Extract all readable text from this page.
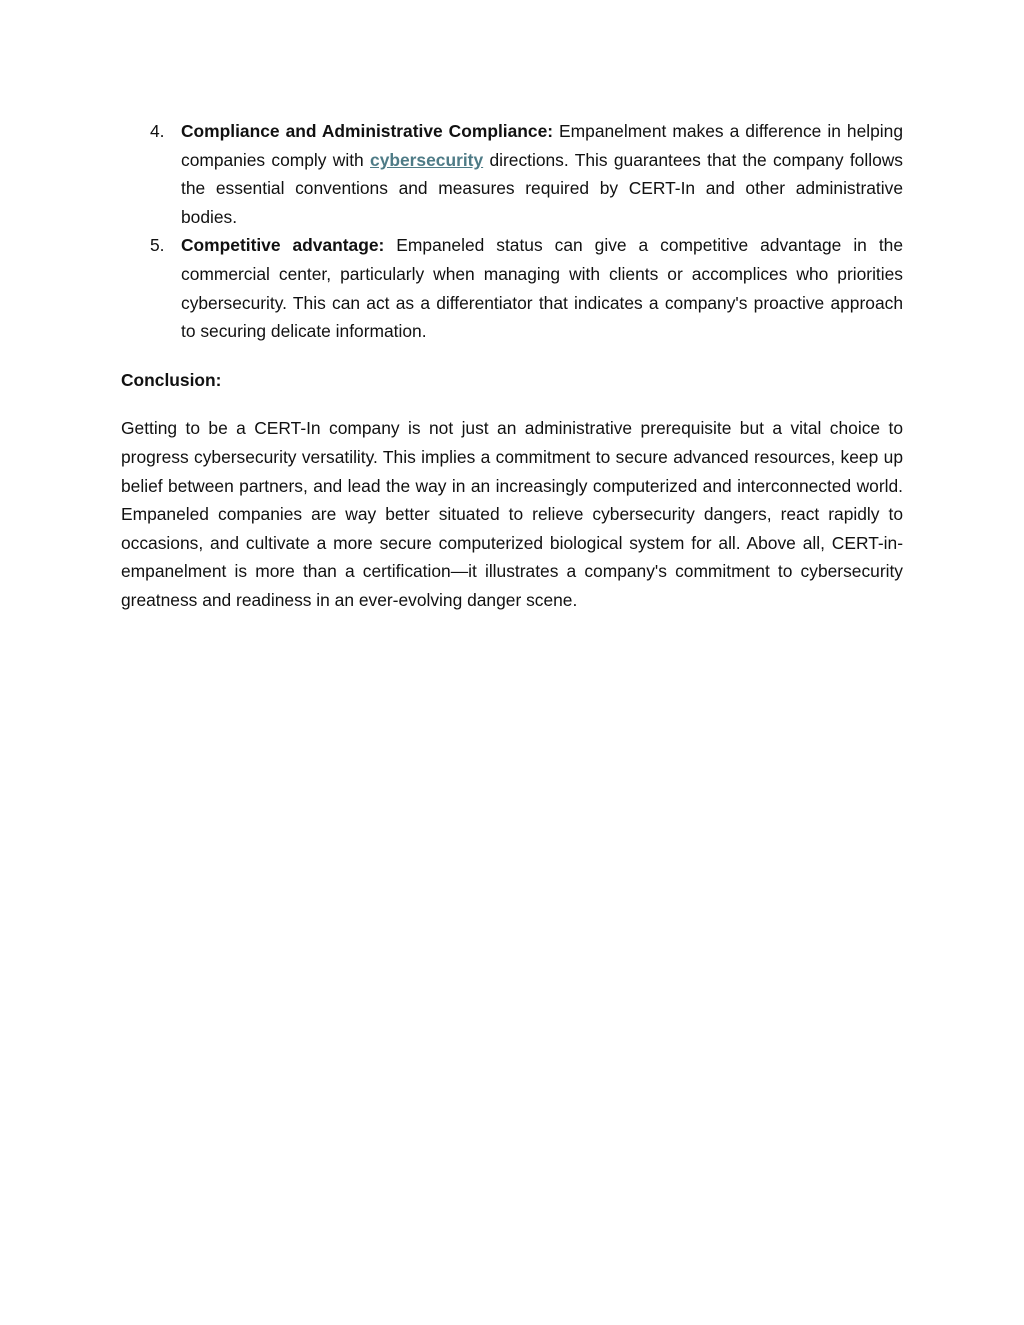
4. Compliance and Administrative Compliance: Empanelment makes a difference in helping companies comply with cybersecurity directions. This guarantees that the company follows the essential conventions and measures required by CERT-In and other administrative bodies.
5. Competitive advantage: Empaneled status can give a competitive advantage in the commercial center, particularly when managing with clients or accomplices who priorities cybersecurity. This can act as a differentiator that indicates a company's proactive approach to securing delicate information.
Conclusion:

Getting to be a CERT-In company is not just an administrative prerequisite but a vital choice to progress cybersecurity versatility. This implies a commitment to secure advanced resources, keep up belief between partners, and lead the way in an increasingly computerized and interconnected world. Empaneled companies are way better situated to relieve cybersecurity dangers, react rapidly to occasions, and cultivate a more secure computerized biological system for all. Above all, CERT-in-empanelment is more than a certification—it illustrates a company's commitment to cybersecurity greatness and readiness in an ever-evolving danger scene.
